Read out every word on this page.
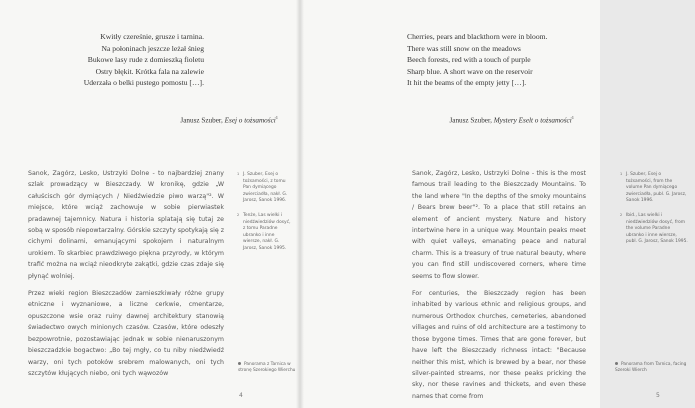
Kwitły czereśnie, grusze i tarnina.
Na połoninach jeszcze leżał śnieg
Bukowe lasy rude z domieszką fioletu
Ostry błękit. Krótka fala na zalewie
Uderzała o belki pustego pomostu […].
Janusz Szuber, Esej o tożsamości$^1$

Sanok, Zagórz, Lesko, Ustrzyki Dolne - to najbardziej znany szlak prowadzący w Bieszczady. W kronikę, gdzie „W całuścisch gór dymiących / Niedźwiedzie piwo warzą"². W miejsce, które wciąż zachowuje w sobie pierwiastek pradawnej tajemnicy. Natura i historia splatają się tutaj ze sobą w sposób niepowtarzalny. Górskie szczyty spotykają się z cichymi dolinami, emanującymi spokojem i naturalnym urokiem. To skarbiec prawdziwego piękna przyrody, w którym trafić można na wciąż nieodkryte zakątki, gdzie czas zdaje się płynąć wolniej.

Przez wieki region Bieszczadów zamieszkiwały różne grupy etniczne i wyznaniowe, a liczne cerkwie, cmentarze, opuszczone wsie oraz ruiny dawnej architektury stanowią świadectwo owych minionych czasów. Czasów, które odeszły bezpowrotnie, pozostawiając jednak w sobie nienaruszonym bieszczadzkie bogactwo: „Bo tej mgły, co tu niby niedźwiedź warzy, oni tych potoków srebrem malowanych, oni tych szczytów kłujących niebo, oni tych wąwozów

1 J. Szuber, Esej o tożsamości, z tomu Pan dymiącego zwierciadła, nakł. G. Jarosz, Sanok 1996.
2 Tenże, Las wielki i niedźwiedziów dosyć, z tomu Paradne ubranko i inne wiersze, nakł. G. Jarosz, Sanok 1995.
Panorama z Tarnica w stronę Szerokiego Wierchu
4
Cherries, pears and blackthorn were in bloom.
There was still snow on the meadows
Beech forests, red with a touch of purple
Sharp blue. A short wave on the reservoir
It hit the beams of the empty jetty […].
Janusz Szuber, Mystery Eselt o tożsamości$^1$
1 J. Szuber, Esej o tożsamości, from the volume Pan dymiącego zwierciadła, publ. G. Jarosz, Sanok 1996.
2 Ibid., Las wielki i niedźwiedziów dosyć, from the volume Paradne ubranko i inne wiersze, publ. G. Jarosz, Sanok 1995.
Panorama from Tarnica, facing Szeroki Wierch
5

Sanok, Zagórz, Lesko, Ustrzyki Dolne - this is the most famous trail leading to the Bieszczady Mountains. To the land where "In the depths of the smoky mountains / Bears brew beer"². To a place that still retains an element of ancient mystery. Nature and history intertwine here in a unique way. Mountain peaks meet with quiet valleys, emanating peace and natural charm. This is a treasury of true natural beauty, where you can find still undiscovered corners, where time seems to flow slower.

For centuries, the Bieszczady region has been inhabited by various ethnic and religious groups, and numerous Orthodox churches, cemeteries, abandoned villages and ruins of old architecture are a testimony to those bygone times. Times that are gone forever, but have left the Bieszczady richness intact: "Because neither this mist, which is brewed by a bear, nor these silver-painted streams, nor these peaks pricking the sky, nor these ravines and thickets, and even these names that come from
